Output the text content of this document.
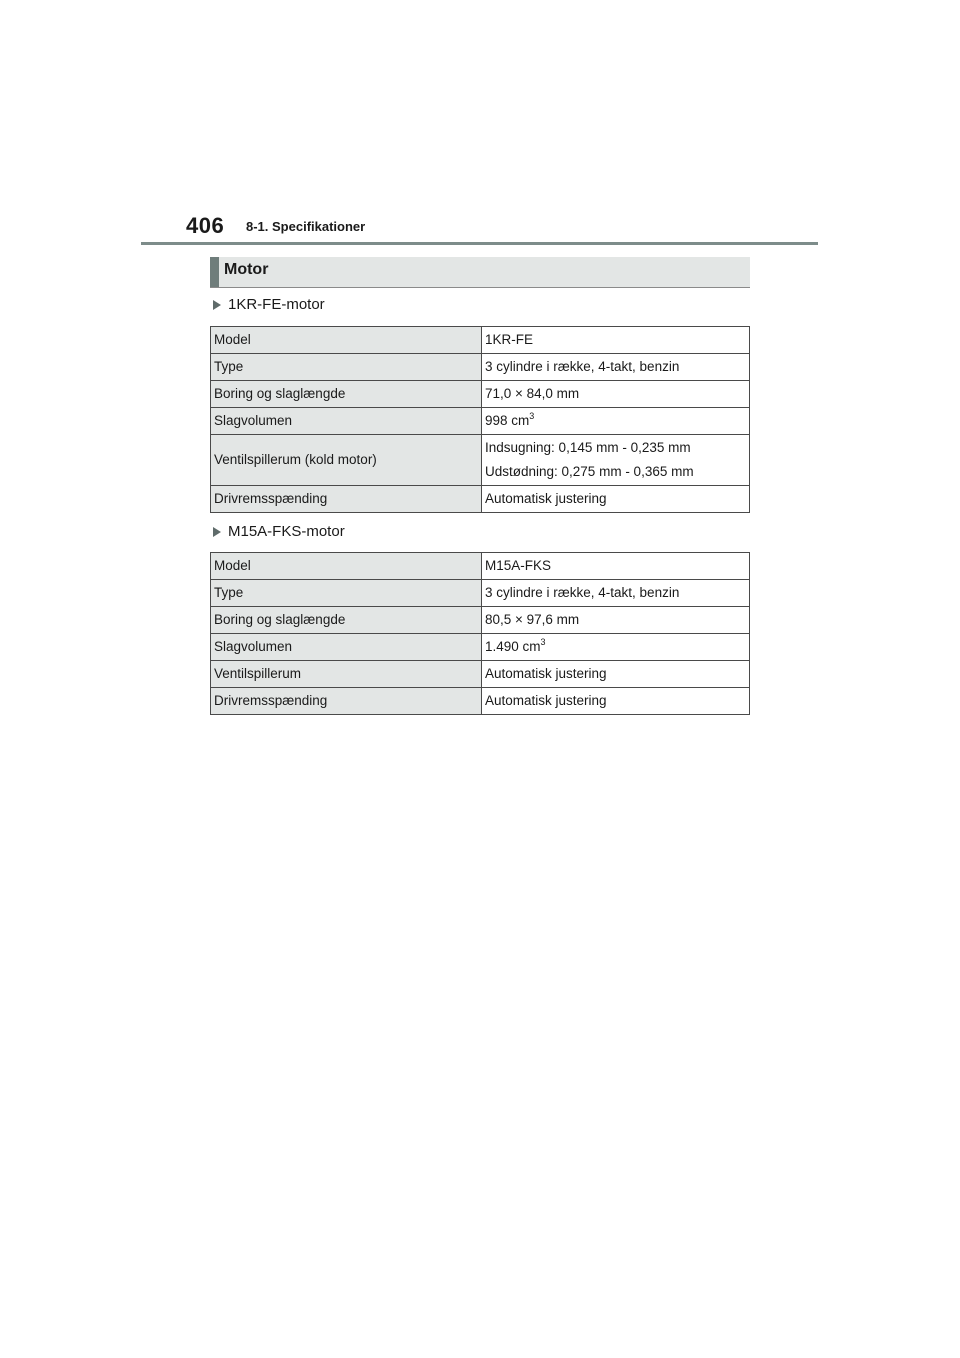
406 8-1. Specifikationer
Motor
1KR-FE-motor
Model	1KR-FE
Type	3 cylindre i række, 4-takt, benzin
Boring og slaglængde	71,0 × 84,0 mm
Slagvolumen	998 $cm^3$
Ventilspillerum (kold motor)	Indsugning: 0,145 mm - 0,235 mm
Udstødning: 0,275 mm - 0,365 mm

Drivremsspænding	Automatisk justering
M15A-FKS-motor
Model	M15A-FKS
Type	3 cylindre i række, 4-takt, benzin
Boring og slaglængde	80,5 × 97,6 mm
Slagvolumen	1.490 $cm^3$
Ventilspillerum	Automatisk justering
Drivremsspænding	Automatisk justering
